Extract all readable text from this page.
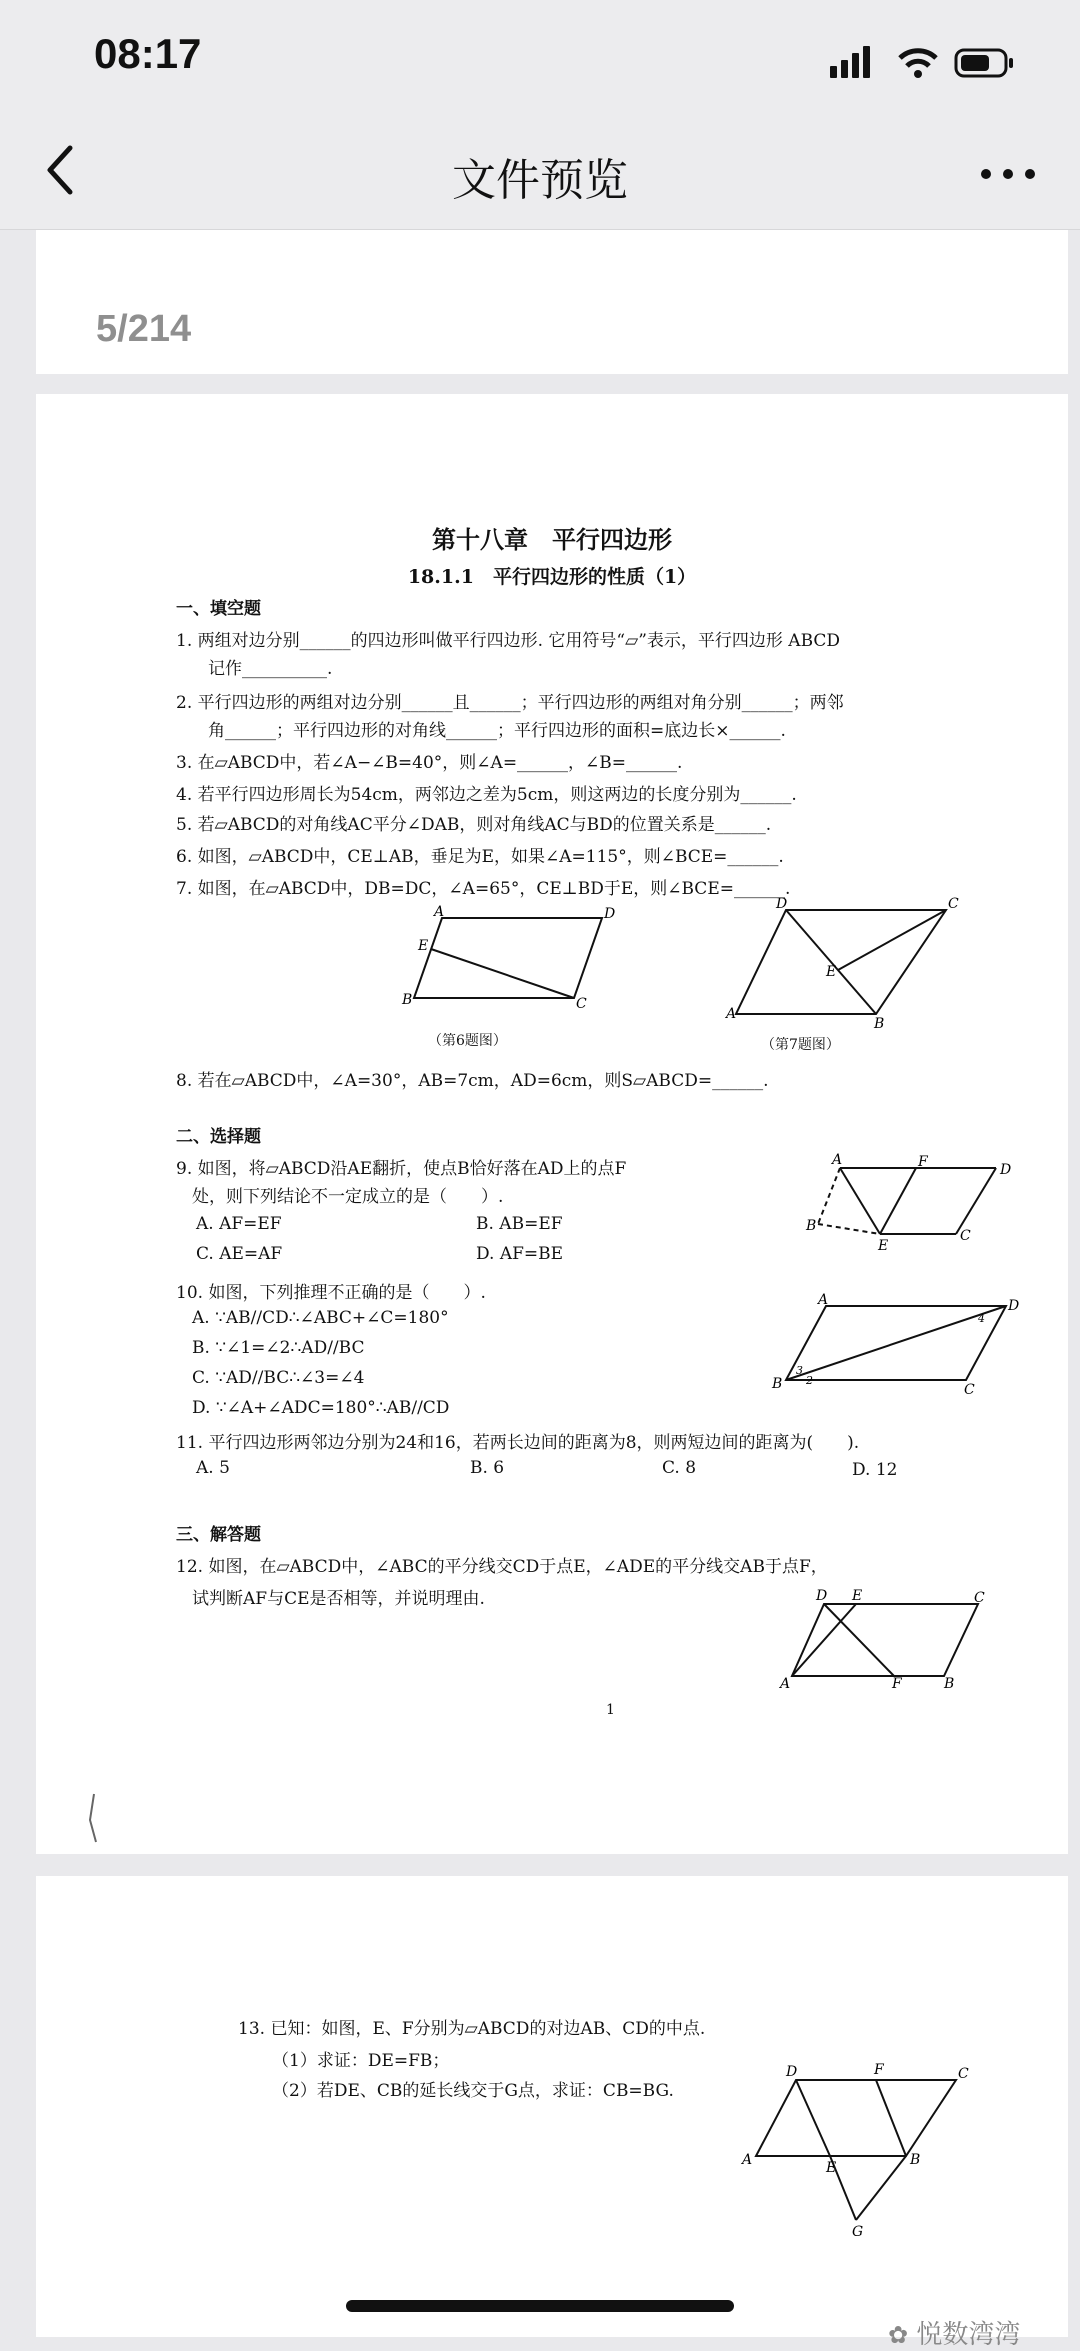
08:17
文件预览
5/214
第十八章　平行四边形
18.1.1　平行四边形的性质（1）
一、填空题
1. 两组对边分别______的四边形叫做平行四边形. 它用符号“▱”表示，平行四边形 ABCD
记作__________.
2. 平行四边形的两组对边分别______且______；平行四边形的两组对角分别______；两邻
角______；平行四边形的对角线______；平行四边形的面积=底边长×______.
3. 在▱ABCD中，若∠A−∠B=40°，则∠A=______，∠B=______.
4. 若平行四边形周长为54cm，两邻边之差为5cm，则这两边的长度分别为______.
5. 若▱ABCD的对角线AC平分∠DAB，则对角线AC与BD的位置关系是______.
6. 如图，▱ABCD中，CE⊥AB，垂足为E，如果∠A=115°，则∠BCE=______.
7. 如图，在▱ABCD中，DB=DC，∠A=65°，CE⊥BD于E，则∠BCE=______.
A	D
B	C
E
（第6题图）
D	C
A
B
E
（第7题图）
8. 若在▱ABCD中，∠A=30°，AB=7cm，AD=6cm，则S▱ABCD=______.
二、选择题
9. 如图，将▱ABCD沿AE翻折，使点B恰好落在AD上的点F
处，则下列结论不一定成立的是（　　）.
A. AF=EF	B. AB=EF
C. AE=AF	D. AF=BE
A	F	D
B
E
C
10. 如图，下列推理不正确的是（　　）.
A. ∵AB//CD∴∠ABC+∠C=180°
B. ∵∠1=∠2∴AD//BC
C. ∵AD//BC∴∠3=∠4
D. ∵∠A+∠ADC=180°∴AB//CD
A	D
B	C
3
2
4
11. 平行四边形两邻边分别为24和16，若两长边间的距离为8，则两短边间的距离为(　　).
A. 5	B. 6	C. 8	D. 12
三、解答题
12. 如图，在▱ABCD中，∠ABC的平分线交CD于点E，∠ADE的平分线交AB于点F，
试判断AF与CE是否相等，并说明理由.	D E	C
A	F	B
1
13. 已知：如图，E、F分别为▱ABCD的对边AB、CD的中点.
（1）求证：DE=FB；
（2）若DE、CB的延长线交于G点，求证：CB=BG.
D	F	C
A	E	B
G
✿ 悦数湾湾
